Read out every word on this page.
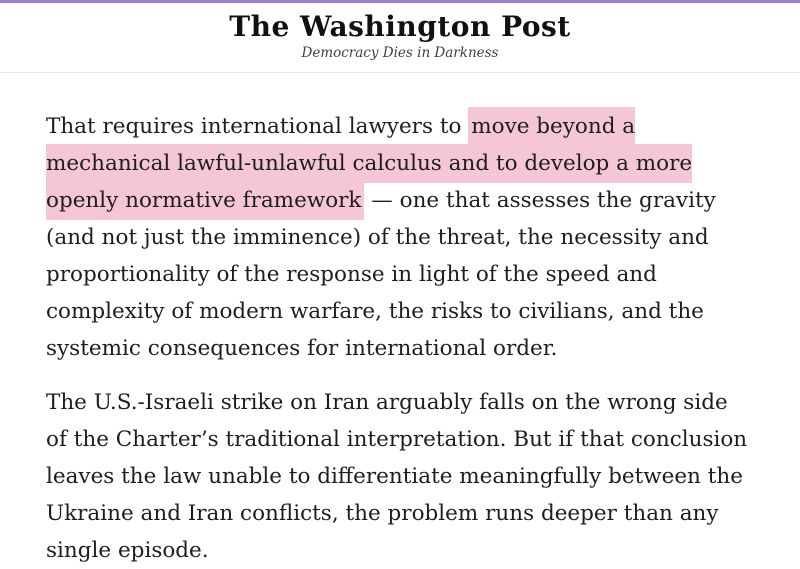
The Washington Post
Democracy Dies in Darkness

That requires international lawyers to move beyond a mechanical lawful-unlawful calculus and to develop a more openly normative framework — one that assesses the gravity (and not just the imminence) of the threat, the necessity and proportionality of the response in light of the speed and complexity of modern warfare, the risks to civilians, and the systemic consequences for international order.

The U.S.-Israeli strike on Iran arguably falls on the wrong side of the Charter’s traditional interpretation. But if that conclusion leaves the law unable to differentiate meaningfully between the Ukraine and Iran conflicts, the problem runs deeper than any single episode.
